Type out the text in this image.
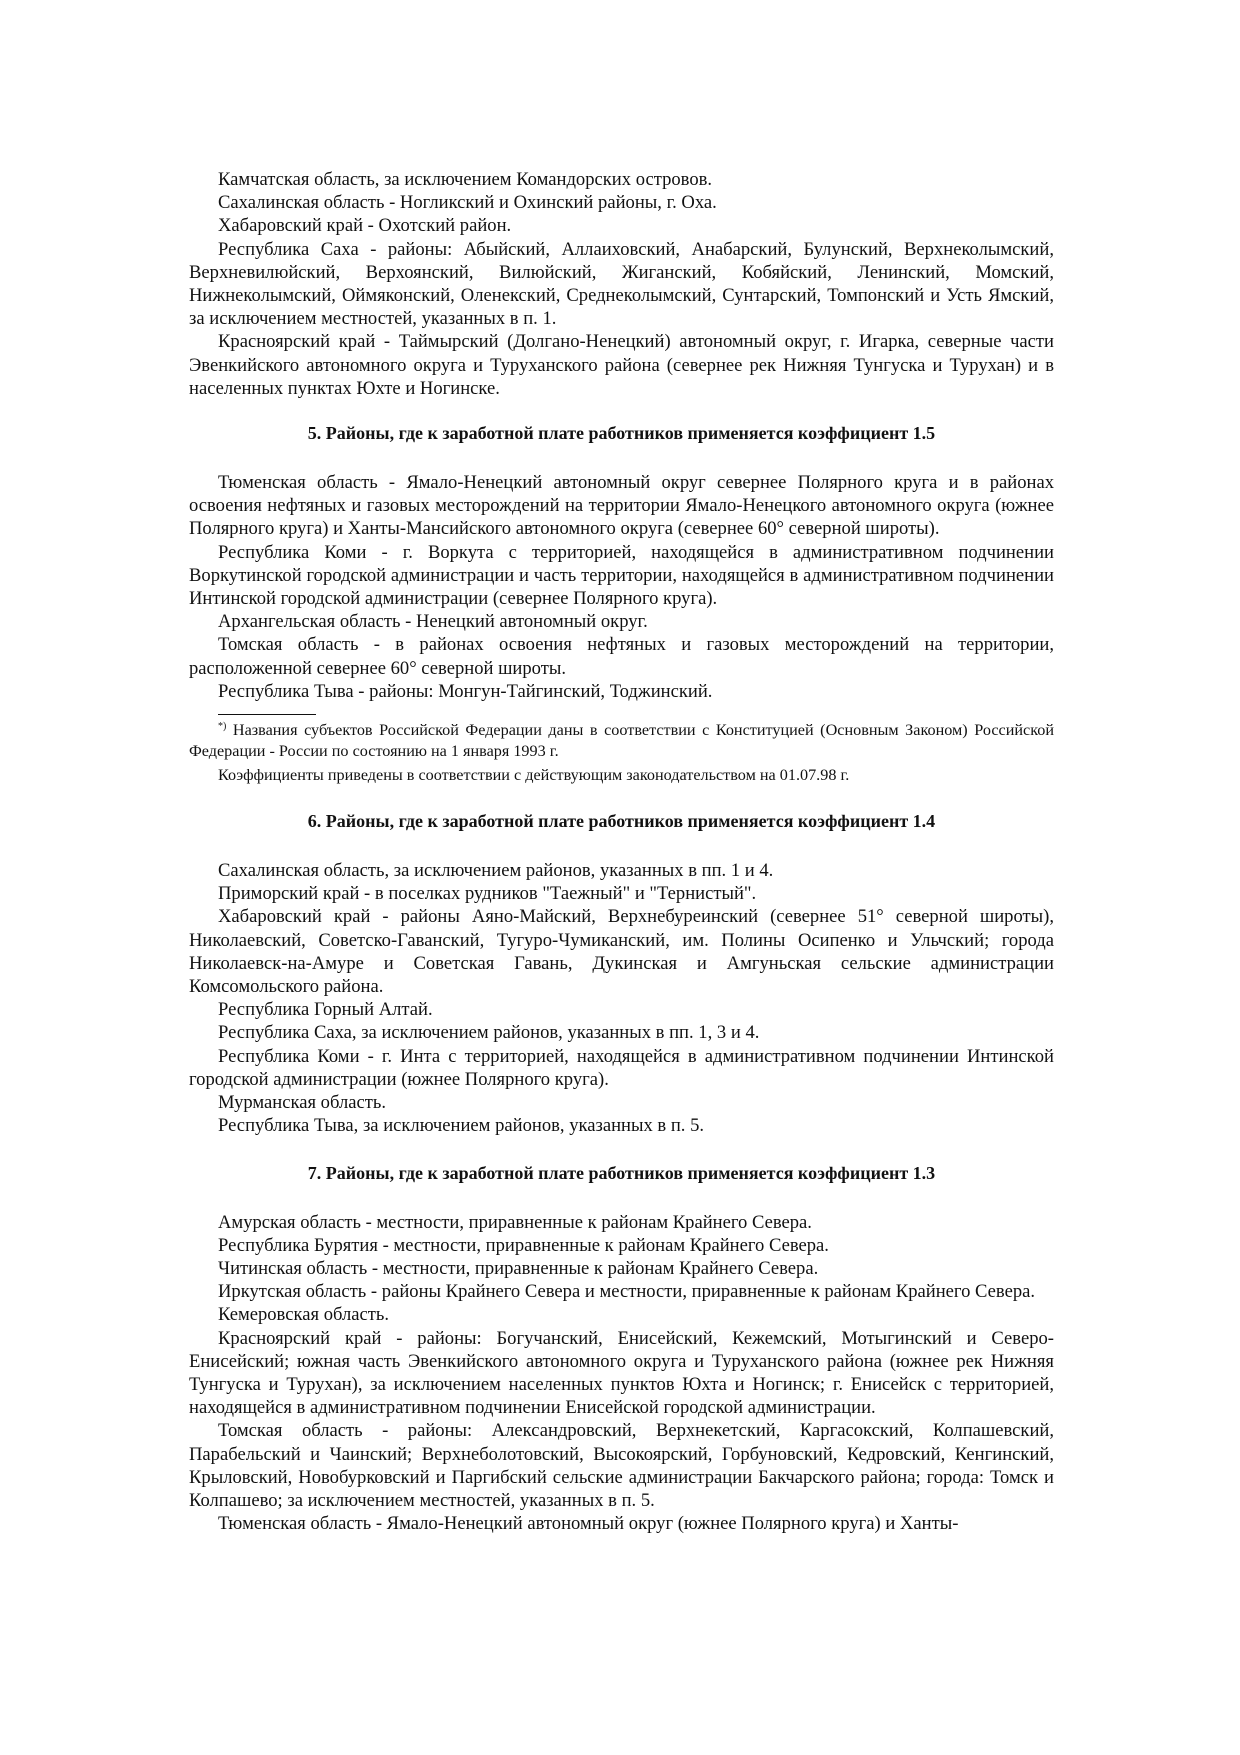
Камчатская область, за исключением Командорских островов.

Сахалинская область - Ногликский и Охинский районы, г. Оха.

Хабаровский край - Охотский район.

Республика Саха - районы: Абыйский, Аллаиховский, Анабарский, Булунский, Верхнеколымский, Верхневилюйский, Верхоянский, Вилюйский, Жиганский, Кобяйский, Ленинский, Момский, Нижнеколымский, Оймяконский, Оленекский, Среднеколымский, Сунтарский, Томпонский и Усть Ямский, за исключением местностей, указанных в п. 1.

Красноярский край - Таймырский (Долгано-Ненецкий) автономный округ, г. Игарка, северные части Эвенкийского автономного округа и Туруханского района (севернее рек Нижняя Тунгуска и Турухан) и в населенных пунктах Юхте и Ногинске.

5. Районы, где к заработной плате работников применяется коэффициент 1.5

Тюменская область - Ямало-Ненецкий автономный округ севернее Полярного круга и в районах освоения нефтяных и газовых месторождений на территории Ямало-Ненецкого автономного округа (южнее Полярного круга) и Ханты-Мансийского автономного округа (севернее 60° северной широты).

Республика Коми - г. Воркута с территорией, находящейся в административном подчинении Воркутинской городской администрации и часть территории, находящейся в административном подчинении Интинской городской администрации (севернее Полярного круга).

Архангельская область - Ненецкий автономный округ.

Томская область - в районах освоения нефтяных и газовых месторождений на территории, расположенной севернее 60° северной широты.

Республика Тыва - районы: Монгун-Тайгинский, Тоджинский.

*) Названия субъектов Российской Федерации даны в соответствии с Конституцией (Основным Законом) Российской Федерации - России по состоянию на 1 января 1993 г.

Коэффициенты приведены в соответствии с действующим законодательством на 01.07.98 г.

6. Районы, где к заработной плате работников применяется коэффициент 1.4

Сахалинская область, за исключением районов, указанных в пп. 1 и 4.

Приморский край - в поселках рудников "Таежный" и "Тернистый".

Хабаровский край - районы Аяно-Майский, Верхнебуреинский (севернее 51° северной широты), Николаевский, Советско-Гаванский, Тугуро-Чумиканский, им. Полины Осипенко и Ульчский; города Николаевск-на-Амуре и Советская Гавань, Дукинская и Амгуньская сельские администрации Комсомольского района.

Республика Горный Алтай.

Республика Саха, за исключением районов, указанных в пп. 1, 3 и 4.

Республика Коми - г. Инта с территорией, находящейся в административном подчинении Интинской городской администрации (южнее Полярного круга).

Мурманская область.

Республика Тыва, за исключением районов, указанных в п. 5.

7. Районы, где к заработной плате работников применяется коэффициент 1.3

Амурская область - местности, приравненные к районам Крайнего Севера.

Республика Бурятия - местности, приравненные к районам Крайнего Севера.

Читинская область - местности, приравненные к районам Крайнего Севера.

Иркутская область - районы Крайнего Севера и местности, приравненные к районам Крайнего Севера.

Кемеровская область.

Красноярский край - районы: Богучанский, Енисейский, Кежемский, Мотыгинский и Северо-Енисейский; южная часть Эвенкийского автономного округа и Туруханского района (южнее рек Нижняя Тунгуска и Турухан), за исключением населенных пунктов Юхта и Ногинск; г. Енисейск с территорией, находящейся в административном подчинении Енисейской городской администрации.

Томская область - районы: Александровский, Верхнекетский, Каргасокский, Колпашевский, Парабельский и Чаинский; Верхнеболотовский, Высокоярский, Горбуновский, Кедровский, Кенгинский, Крыловский, Новобурковский и Паргибский сельские администрации Бакчарского района; города: Томск и Колпашево; за исключением местностей, указанных в п. 5.

Тюменская область - Ямало-Ненецкий автономный округ (южнее Полярного круга) и Ханты-
